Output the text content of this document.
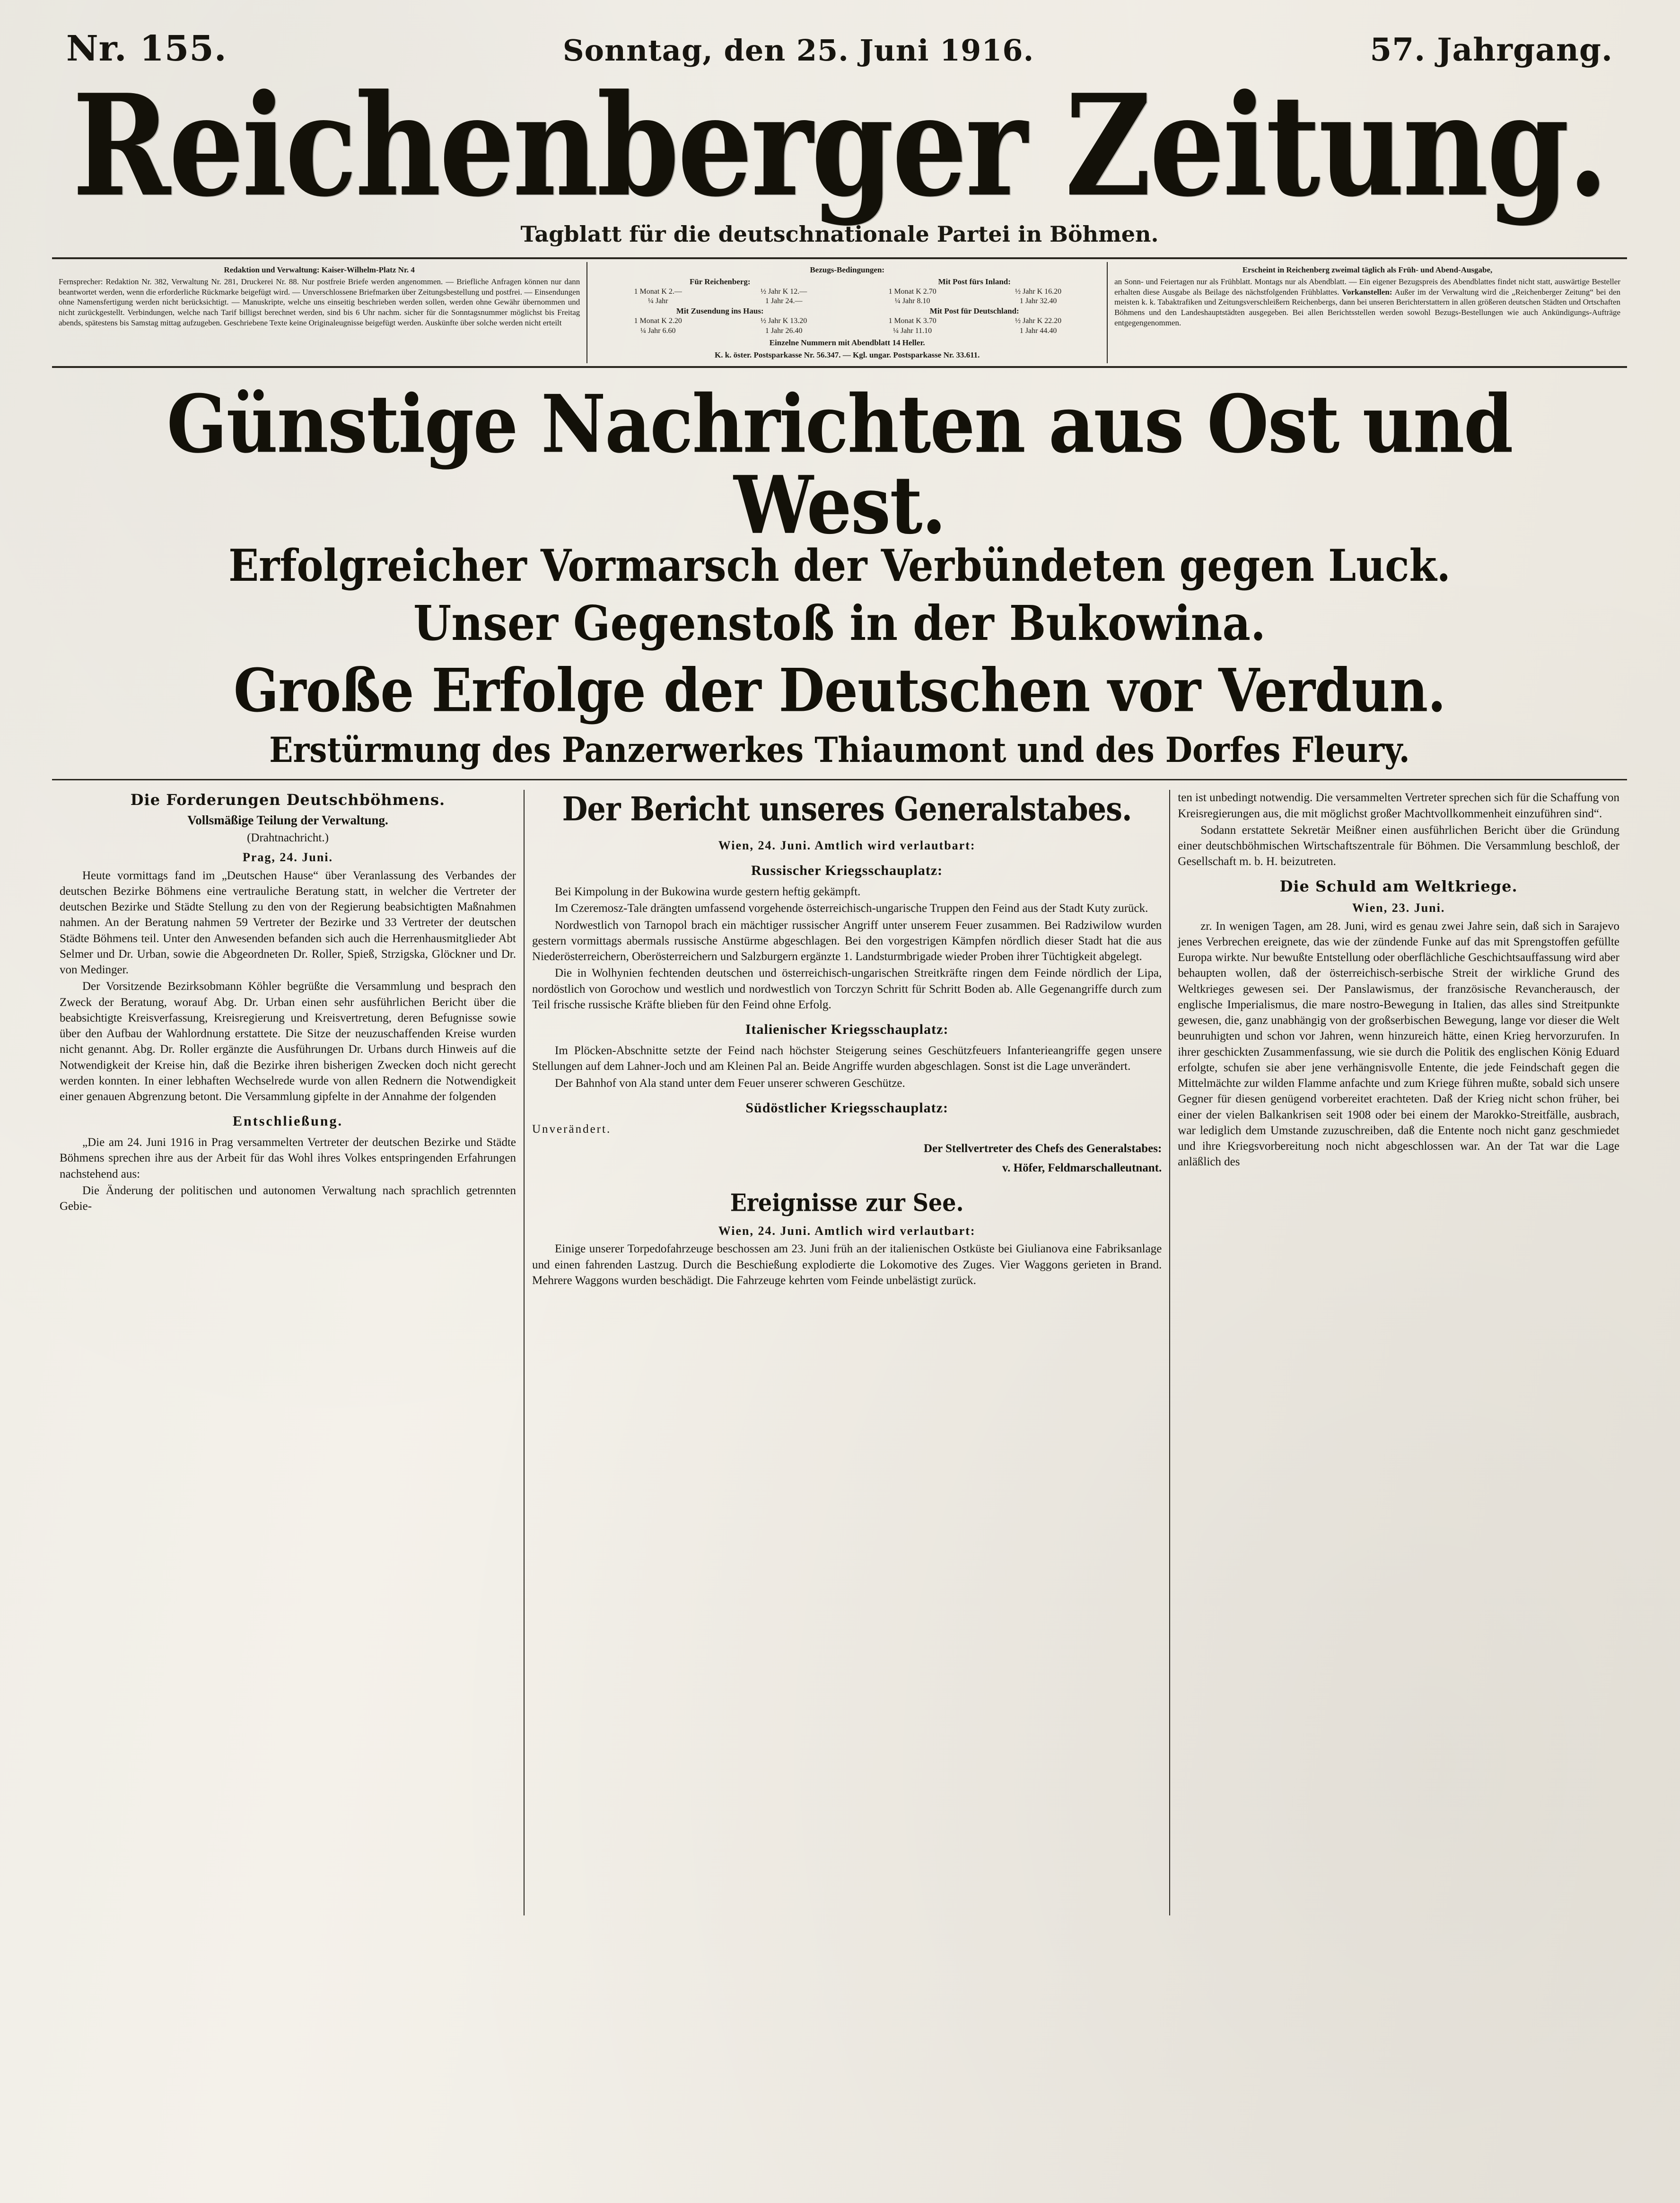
Nr. 155.	Sonntag, den 25. Juni 1916.	57. Jahrgang.
Reichenberger Zeitung.
Tagblatt für die deutschnationale Partei in Böhmen.
Redaktion und Verwaltung: Kaiser-Wilhelm-Platz Nr. 4
Fernsprecher: Redaktion Nr. 382, Verwaltung Nr. 281, Druckerei Nr. 88. Nur postfreie Briefe werden angenommen. — Briefliche Anfragen können nur dann beantwortet werden, wenn die erforderliche Rückmarke beigefügt wird. — Unverschlossene Briefmarken über Zeitungsbestellung und postfrei. — Einsendungen ohne Namensfertigung werden nicht berücksichtigt. — Manuskripte, welche uns einseitig beschrieben werden sollen, werden ohne Gewähr übernommen und nicht zurückgestellt. Verbindungen, welche nach Tarif billigst berechnet werden, sind bis 6 Uhr nachm. sicher für die Sonntagsnummer möglichst bis Freitag abends, spätestens bis Samstag mittag aufzugeben. Geschriebene Texte keine Originaleugnisse beigefügt werden. Auskünfte über solche werden nicht erteilt
Bezugs-Bedingungen:
Für Reichenberg:
1 Monat K 2.—	½ Jahr K 12.—
¼ Jahr	1 Jahr 24.—
Mit Zusendung ins Haus:
1 Monat K 2.20	½ Jahr K 13.20
¼ Jahr 6.60	1 Jahr 26.40
Mit Post fürs Inland:
1 Monat K 2.70	½ Jahr K 16.20
¼ Jahr 8.10	1 Jahr 32.40
Mit Post für Deutschland:
1 Monat K 3.70	½ Jahr K 22.20
¼ Jahr 11.10	1 Jahr 44.40
Einzelne Nummern mit Abendblatt 14 Heller.
K. k. öster. Postsparkasse Nr. 56.347. — Kgl. ungar. Postsparkasse Nr. 33.611.
Erscheint in Reichenberg zweimal täglich als Früh- und Abend-Ausgabe,
an Sonn- und Feiertagen nur als Frühblatt. Montags nur als Abendblatt. — Ein eigener Bezugspreis des Abendblattes findet nicht statt, auswärtige Besteller erhalten diese Ausgabe als Beilage des nächstfolgenden Frühblattes. Vorkanstellen: Außer im der Verwaltung wird die „Reichenberger Zeitung“ bei den meisten k. k. Tabaktrafiken und Zeitungsverschleißern Reichenbergs, dann bei unseren Berichterstattern in allen größeren deutschen Städten und Ortschaften Böhmens und den Landeshauptstädten ausgegeben. Bei allen Berichtsstellen werden sowohl Bezugs-Bestellungen wie auch Ankündigungs-Aufträge entgegengenommen.
Günstige Nachrichten aus Ost und West.
Erfolgreicher Vormarsch der Verbündeten gegen Luck.
Unser Gegenstoß in der Bukowina.
Große Erfolge der Deutschen vor Verdun.
Erstürmung des Panzerwerkes Thiaumont und des Dorfes Fleury.
Die Forderungen Deutschböhmens.
Vollsmäßige Teilung der Verwaltung.
(Drahtnachricht.)
Prag, 24. Juni.

Heute vormittags fand im „Deutschen Hause“ über Veranlassung des Verbandes der deutschen Bezirke Böhmens eine vertrauliche Beratung statt, in welcher die Vertreter der deutschen Bezirke und Städte Stellung zu den von der Regierung beabsichtigten Maßnahmen nahmen. An der Beratung nahmen 59 Vertreter der Bezirke und 33 Vertreter der deutschen Städte Böhmens teil. Unter den Anwesenden befanden sich auch die Herrenhausmitglieder Abt Selmer und Dr. Urban, sowie die Abgeordneten Dr. Roller, Spieß, Strzigska, Glöckner und Dr. von Medinger.

Der Vorsitzende Bezirksobmann Köhler begrüßte die Versammlung und besprach den Zweck der Beratung, worauf Abg. Dr. Urban einen sehr ausführlichen Bericht über die beabsichtigte Kreisverfassung, Kreisregierung und Kreisvertretung, deren Befugnisse sowie über den Aufbau der Wahlordnung erstattete. Die Sitze der neuzuschaffenden Kreise wurden nicht genannt. Abg. Dr. Roller ergänzte die Ausführungen Dr. Urbans durch Hinweis auf die Notwendigkeit der Kreise hin, daß die Bezirke ihren bisherigen Zwecken doch nicht gerecht werden konnten. In einer lebhaften Wechselrede wurde von allen Rednern die Notwendigkeit einer genauen Abgrenzung betont. Die Versammlung gipfelte in der Annahme der folgenden

Entschließung.

„Die am 24. Juni 1916 in Prag versammelten Vertreter der deutschen Bezirke und Städte Böhmens sprechen ihre aus der Arbeit für das Wohl ihres Volkes entspringenden Erfahrungen nachstehend aus:

Die Änderung der politischen und autonomen Verwaltung nach sprachlich getrennten Gebie-

Der Bericht unseres Generalstabes.
Wien, 24. Juni. Amtlich wird verlautbart:
Russischer Kriegsschauplatz:

Bei Kimpolung in der Bukowina wurde gestern heftig gekämpft.

Im Czeremosz-Tale drängten umfassend vorgehende österreichisch-ungarische Truppen den Feind aus der Stadt Kuty zurück.

Nordwestlich von Tarnopol brach ein mächtiger russischer Angriff unter unserem Feuer zusammen. Bei Radziwilow wurden gestern vormittags abermals russische Anstürme abgeschlagen. Bei den vorgestrigen Kämpfen nördlich dieser Stadt hat die aus Niederösterreichern, Oberösterreichern und Salzburgern ergänzte 1. Landsturmbrigade wieder Proben ihrer Tüchtigkeit abgelegt.

Die in Wolhynien fechtenden deutschen und österreichisch-ungarischen Streitkräfte ringen dem Feinde nördlich der Lipa, nordöstlich von Gorochow und westlich und nordwestlich von Torczyn Schritt für Schritt Boden ab. Alle Gegenangriffe durch zum Teil frische russische Kräfte blieben für den Feind ohne Erfolg.

Italienischer Kriegsschauplatz:

Im Plöcken-Abschnitte setzte der Feind nach höchster Steigerung seines Geschützfeuers Infanterieangriffe gegen unsere Stellungen auf dem Lahner-Joch und am Kleinen Pal an. Beide Angriffe wurden abgeschlagen. Sonst ist die Lage unverändert.

Der Bahnhof von Ala stand unter dem Feuer unserer schweren Geschütze.

Südöstlicher Kriegsschauplatz:

Unverändert.

Der Stellvertreter des Chefs des Generalstabes:
v. Höfer, Feldmarschalleutnant.
Ereignisse zur See.
Wien, 24. Juni. Amtlich wird verlautbart:

Einige unserer Torpedofahrzeuge beschossen am 23. Juni früh an der italienischen Ostküste bei Giulianova eine Fabriksanlage und einen fahrenden Lastzug. Durch die Beschießung explodierte die Lokomotive des Zuges. Vier Waggons gerieten in Brand. Mehrere Waggons wurden beschädigt. Die Fahrzeuge kehrten vom Feinde unbelästigt zurück.

ten ist unbedingt notwendig. Die versammelten Vertreter sprechen sich für die Schaffung von Kreisregierungen aus, die mit möglichst großer Machtvollkommenheit einzuführen sind“.

Sodann erstattete Sekretär Meißner einen ausführlichen Bericht über die Gründung einer deutschböhmischen Wirtschaftszentrale für Böhmen. Die Versammlung beschloß, der Gesellschaft m. b. H. beizutreten.

Die Schuld am Weltkriege.
Wien, 23. Juni.

zr. In wenigen Tagen, am 28. Juni, wird es genau zwei Jahre sein, daß sich in Sarajevo jenes Verbrechen ereignete, das wie der zündende Funke auf das mit Sprengstoffen gefüllte Europa wirkte. Nur bewußte Entstellung oder oberflächliche Geschichtsauffassung wird aber behaupten wollen, daß der österreichisch-serbische Streit der wirkliche Grund des Weltkrieges gewesen sei. Der Panslawismus, der französische Revancherausch, der englische Imperialismus, die mare nostro-Bewegung in Italien, das alles sind Streitpunkte gewesen, die, ganz unabhängig von der großserbischen Bewegung, lange vor dieser die Welt beunruhigten und schon vor Jahren, wenn hinzureich hätte, einen Krieg hervorzurufen. In ihrer geschickten Zusammenfassung, wie sie durch die Politik des englischen König Eduard erfolgte, schufen sie aber jene verhängnisvolle Entente, die jede Feindschaft gegen die Mittelmächte zur wilden Flamme anfachte und zum Kriege führen mußte, sobald sich unsere Gegner für diesen genügend vorbereitet erachteten. Daß der Krieg nicht schon früher, bei einer der vielen Balkankrisen seit 1908 oder bei einem der Marokko-Streitfälle, ausbrach, war lediglich dem Umstande zuzuschreiben, daß die Entente noch nicht ganz geschmiedet und ihre Kriegsvorbereitung noch nicht abgeschlossen war. An der Tat war die Lage anläßlich des
